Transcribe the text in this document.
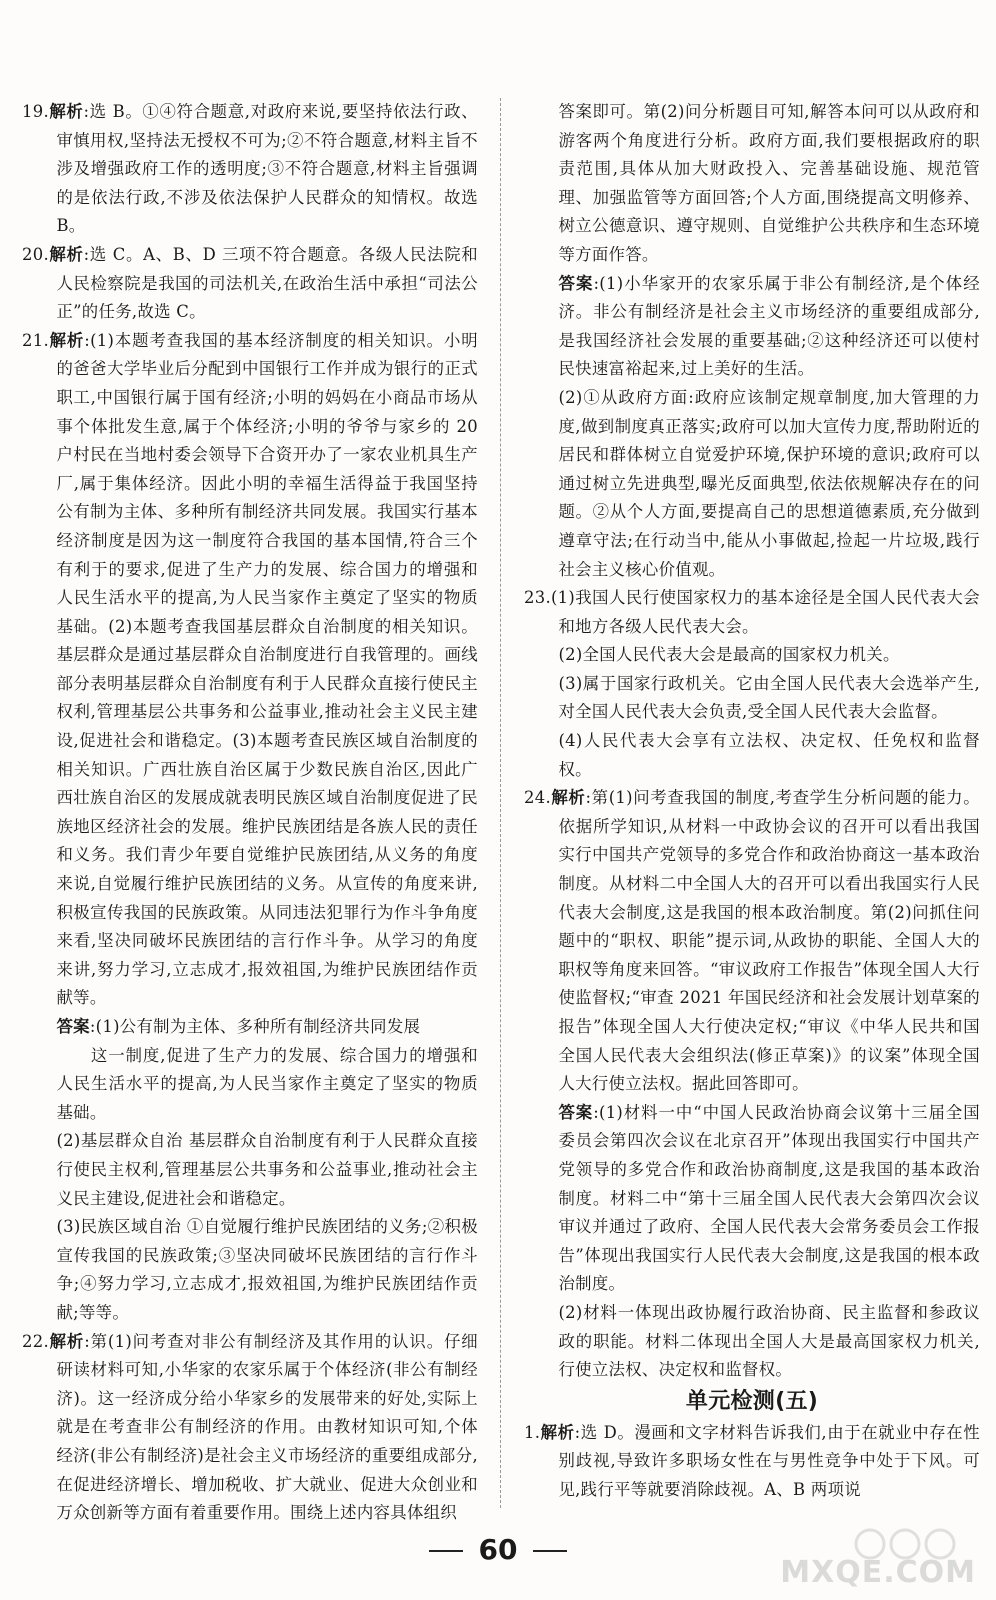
19.解析:选 B。①④符合题意,对政府来说,要坚持依法行政、审慎用权,坚持法无授权不可为;②不符合题意,材料主旨不涉及增强政府工作的透明度;③不符合题意,材料主旨强调的是依法行政,不涉及依法保护人民群众的知情权。故选 B。

20.解析:选 C。A、B、D 三项不符合题意。各级人民法院和人民检察院是我国的司法机关,在政治生活中承担“司法公正”的任务,故选 C。

21.解析:(1)本题考查我国的基本经济制度的相关知识。小明的爸爸大学毕业后分配到中国银行工作并成为银行的正式职工,中国银行属于国有经济;小明的妈妈在小商品市场从事个体批发生意,属于个体经济;小明的爷爷与家乡的 20 户村民在当地村委会领导下合资开办了一家农业机具生产厂,属于集体经济。因此小明的幸福生活得益于我国坚持公有制为主体、多种所有制经济共同发展。我国实行基本经济制度是因为这一制度符合我国的基本国情,符合三个有利于的要求,促进了生产力的发展、综合国力的增强和人民生活水平的提高,为人民当家作主奠定了坚实的物质基础。(2)本题考查我国基层群众自治制度的相关知识。基层群众是通过基层群众自治制度进行自我管理的。画线部分表明基层群众自治制度有利于人民群众直接行使民主权利,管理基层公共事务和公益事业,推动社会主义民主建设,促进社会和谐稳定。(3)本题考查民族区域自治制度的相关知识。广西壮族自治区属于少数民族自治区,因此广西壮族自治区的发展成就表明民族区域自治制度促进了民族地区经济社会的发展。维护民族团结是各族人民的责任和义务。我们青少年要自觉维护民族团结,从义务的角度来说,自觉履行维护民族团结的义务。从宣传的角度来讲,积极宣传我国的民族政策。从同违法犯罪行为作斗争角度来看,坚决同破坏民族团结的言行作斗争。从学习的角度来讲,努力学习,立志成才,报效祖国,为维护民族团结作贡献等。

答案:(1)公有制为主体、多种所有制经济共同发展

这一制度,促进了生产力的发展、综合国力的增强和人民生活水平的提高,为人民当家作主奠定了坚实的物质基础。

(2)基层群众自治 基层群众自治制度有利于人民群众直接行使民主权利,管理基层公共事务和公益事业,推动社会主义民主建设,促进社会和谐稳定。

(3)民族区域自治 ①自觉履行维护民族团结的义务;②积极宣传我国的民族政策;③坚决同破坏民族团结的言行作斗争;④努力学习,立志成才,报效祖国,为维护民族团结作贡献;等等。

22.解析:第(1)问考查对非公有制经济及其作用的认识。仔细研读材料可知,小华家的农家乐属于个体经济(非公有制经济)。这一经济成分给小华家乡的发展带来的好处,实际上就是在考查非公有制经济的作用。由教材知识可知,个体经济(非公有制经济)是社会主义市场经济的重要组成部分,在促进经济增长、增加税收、扩大就业、促进大众创业和万众创新等方面有着重要作用。围绕上述内容具体组织

答案即可。第(2)问分析题目可知,解答本问可以从政府和游客两个角度进行分析。政府方面,我们要根据政府的职责范围,具体从加大财政投入、完善基础设施、规范管理、加强监管等方面回答;个人方面,围绕提高文明修养、树立公德意识、遵守规则、自觉维护公共秩序和生态环境等方面作答。

答案:(1)小华家开的农家乐属于非公有制经济,是个体经济。非公有制经济是社会主义市场经济的重要组成部分,是我国经济社会发展的重要基础;②这种经济还可以使村民快速富裕起来,过上美好的生活。

(2)①从政府方面:政府应该制定规章制度,加大管理的力度,做到制度真正落实;政府可以加大宣传力度,帮助附近的居民和群体树立自觉爱护环境,保护环境的意识;政府可以通过树立先进典型,曝光反面典型,依法依规解决存在的问题。②从个人方面,要提高自己的思想道德素质,充分做到遵章守法;在行动当中,能从小事做起,捡起一片垃圾,践行社会主义核心价值观。

23.(1)我国人民行使国家权力的基本途径是全国人民代表大会和地方各级人民代表大会。

(2)全国人民代表大会是最高的国家权力机关。

(3)属于国家行政机关。它由全国人民代表大会选举产生,对全国人民代表大会负责,受全国人民代表大会监督。

(4)人民代表大会享有立法权、决定权、任免权和监督权。

24.解析:第(1)问考查我国的制度,考查学生分析问题的能力。依据所学知识,从材料一中政协会议的召开可以看出我国实行中国共产党领导的多党合作和政治协商这一基本政治制度。从材料二中全国人大的召开可以看出我国实行人民代表大会制度,这是我国的根本政治制度。第(2)问抓住问题中的“职权、职能”提示词,从政协的职能、全国人大的职权等角度来回答。“审议政府工作报告”体现全国人大行使监督权;“审查 2021 年国民经济和社会发展计划草案的报告”体现全国人大行使决定权;“审议《中华人民共和国全国人民代表大会组织法(修正草案)》的议案”体现全国人大行使立法权。据此回答即可。

答案:(1)材料一中“中国人民政治协商会议第十三届全国委员会第四次会议在北京召开”体现出我国实行中国共产党领导的多党合作和政治协商制度,这是我国的基本政治制度。材料二中“第十三届全国人民代表大会第四次会议审议并通过了政府、全国人民代表大会常务委员会工作报告”体现出我国实行人民代表大会制度,这是我国的根本政治制度。

(2)材料一体现出政协履行政治协商、民主监督和参政议政的职能。材料二体现出全国人大是最高国家权力机关,行使立法权、决定权和监督权。

单元检测(五)

1.解析:选 D。漫画和文字材料告诉我们,由于在就业中存在性别歧视,导致许多职场女性在与男性竞争中处于下风。可见,践行平等就要消除歧视。A、B 两项说

60
MXQE.COM
